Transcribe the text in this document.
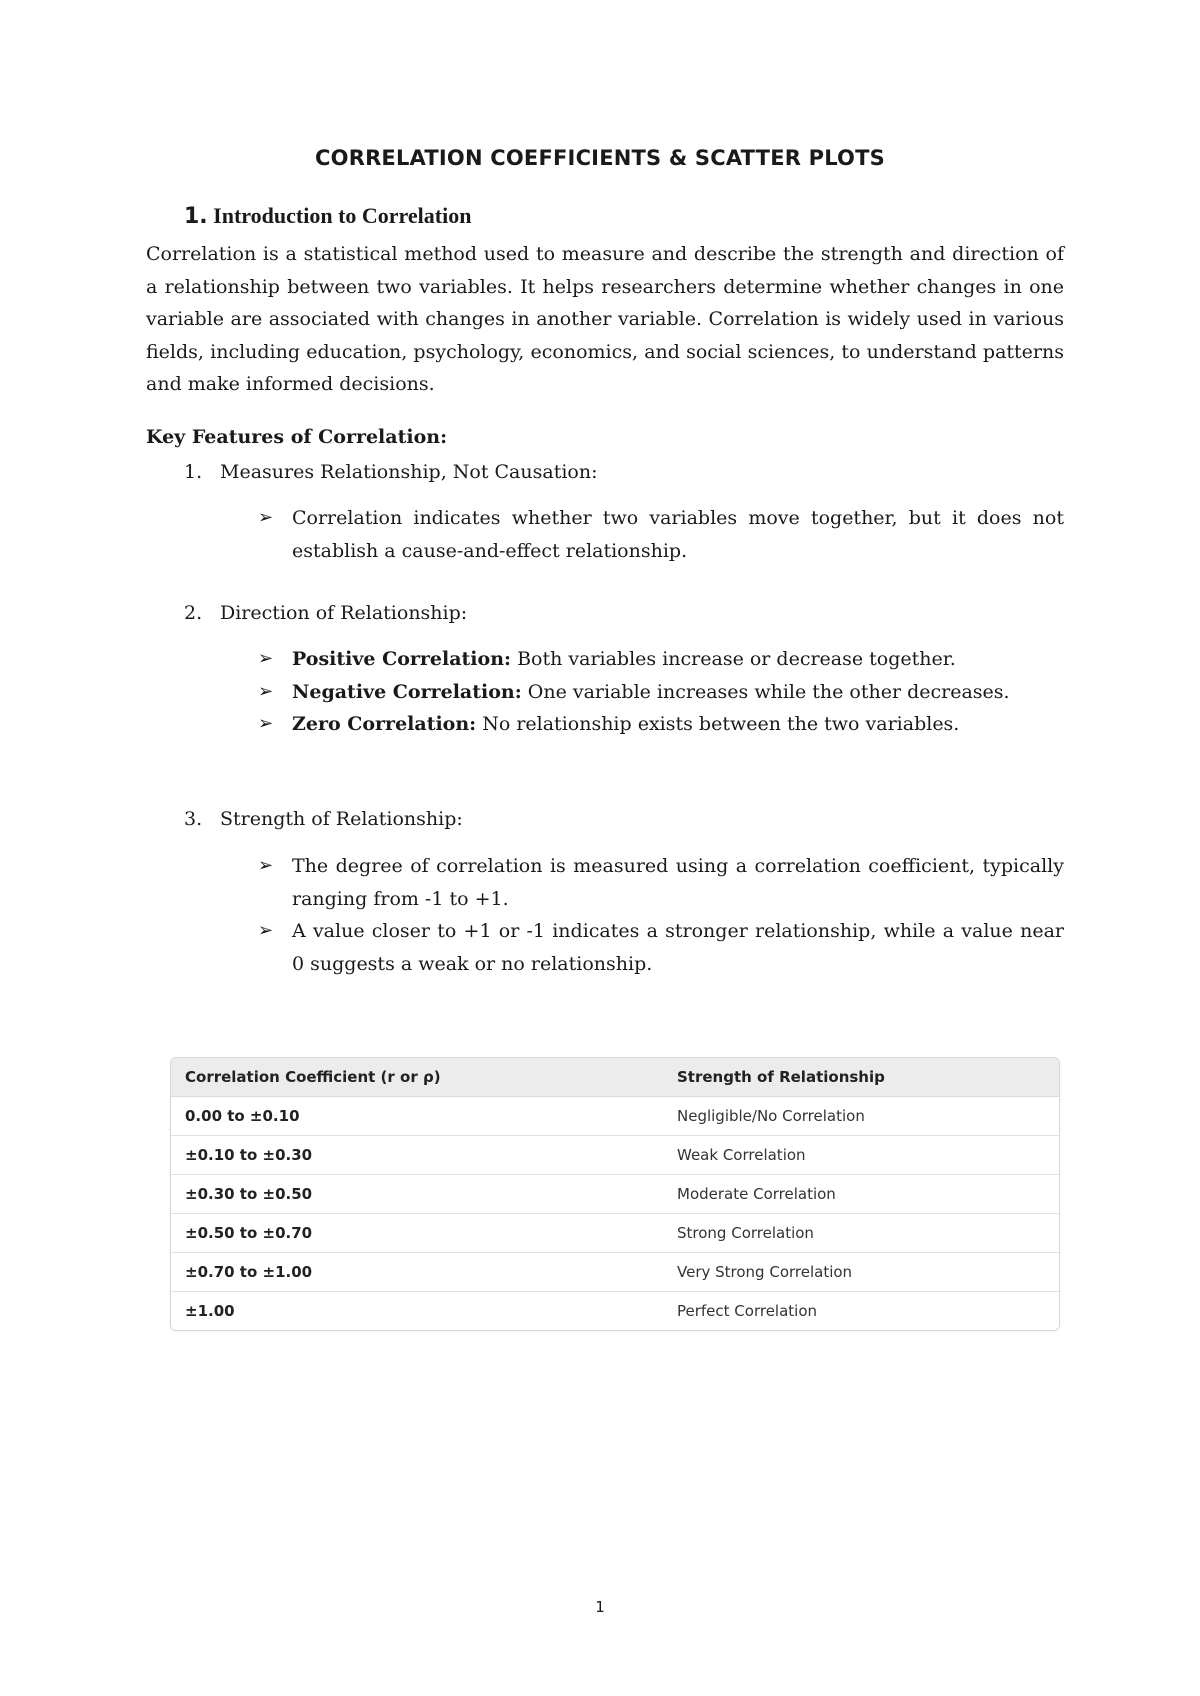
CORRELATION COEFFICIENTS & SCATTER PLOTS
1. Introduction to Correlation
Correlation is a statistical method used to measure and describe the strength and direction of a relationship between two variables. It helps researchers determine whether changes in one variable are associated with changes in another variable. Correlation is widely used in various fields, including education, psychology, economics, and social sciences, to understand patterns and make informed decisions.
Key Features of Correlation:
1. Measures Relationship, Not Causation:
➢ Correlation indicates whether two variables move together, but it does not establish a cause-and-effect relationship.
2. Direction of Relationship:
➢ Positive Correlation: Both variables increase or decrease together.
➢ Negative Correlation: One variable increases while the other decreases.
➢ Zero Correlation: No relationship exists between the two variables.
3. Strength of Relationship:
➢ The degree of correlation is measured using a correlation coefficient, typically ranging from -1 to +1.
➢ A value closer to +1 or -1 indicates a stronger relationship, while a value near 0 suggests a weak or no relationship.
Correlation Coefficient (r or ρ)	Strength of Relationship
0.00 to ±0.10	Negligible/No Correlation
±0.10 to ±0.30	Weak Correlation
±0.30 to ±0.50	Moderate Correlation
±0.50 to ±0.70	Strong Correlation
±0.70 to ±1.00	Very Strong Correlation
±1.00	Perfect Correlation
1
